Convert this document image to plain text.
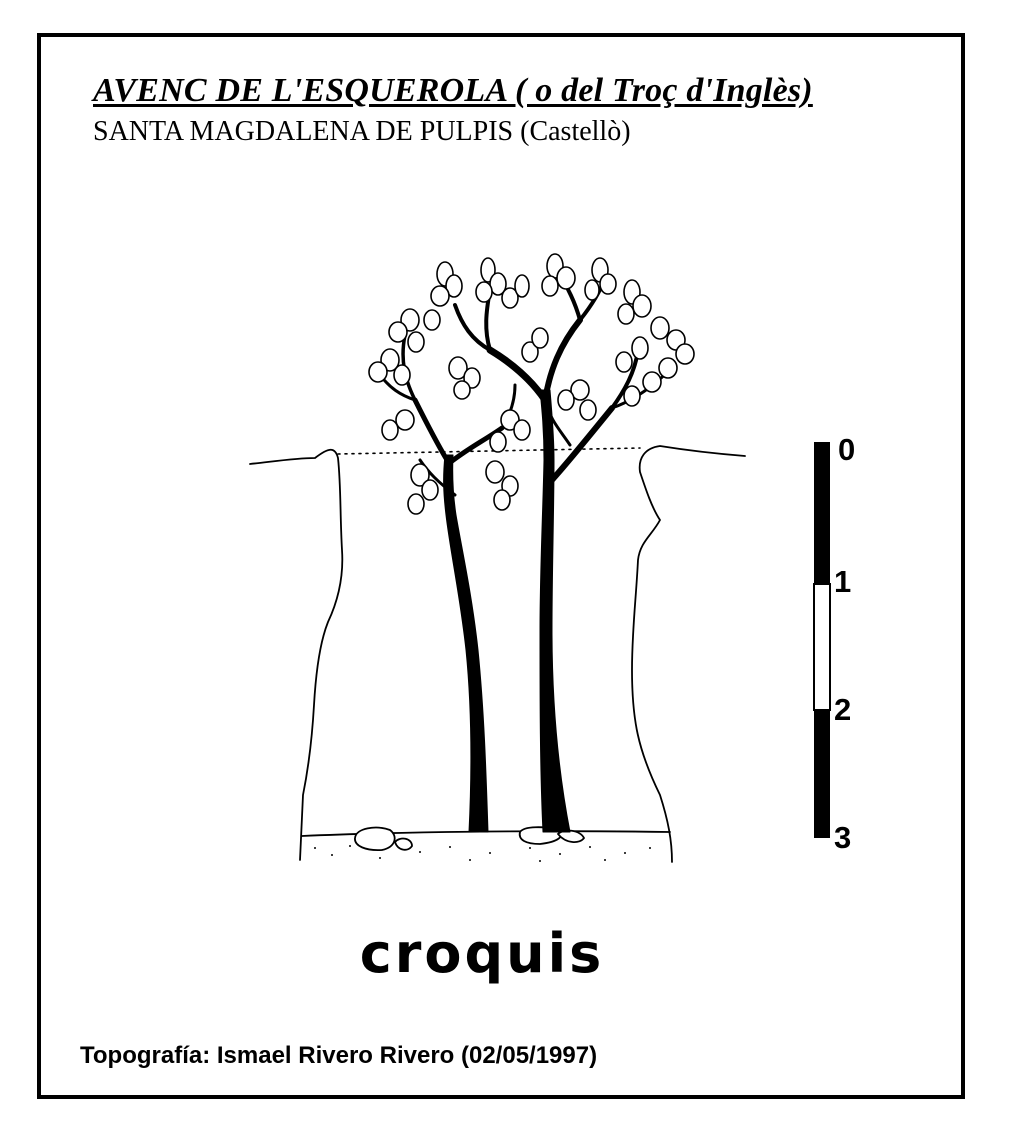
AVENC DE L'ESQUEROLA ( o del Troç d'Inglès)
SANTA MAGDALENA DE PULPIS (Castellò)
0
1
2
3
croquis
Topografía: Ismael Rivero Rivero (02/05/1997)
